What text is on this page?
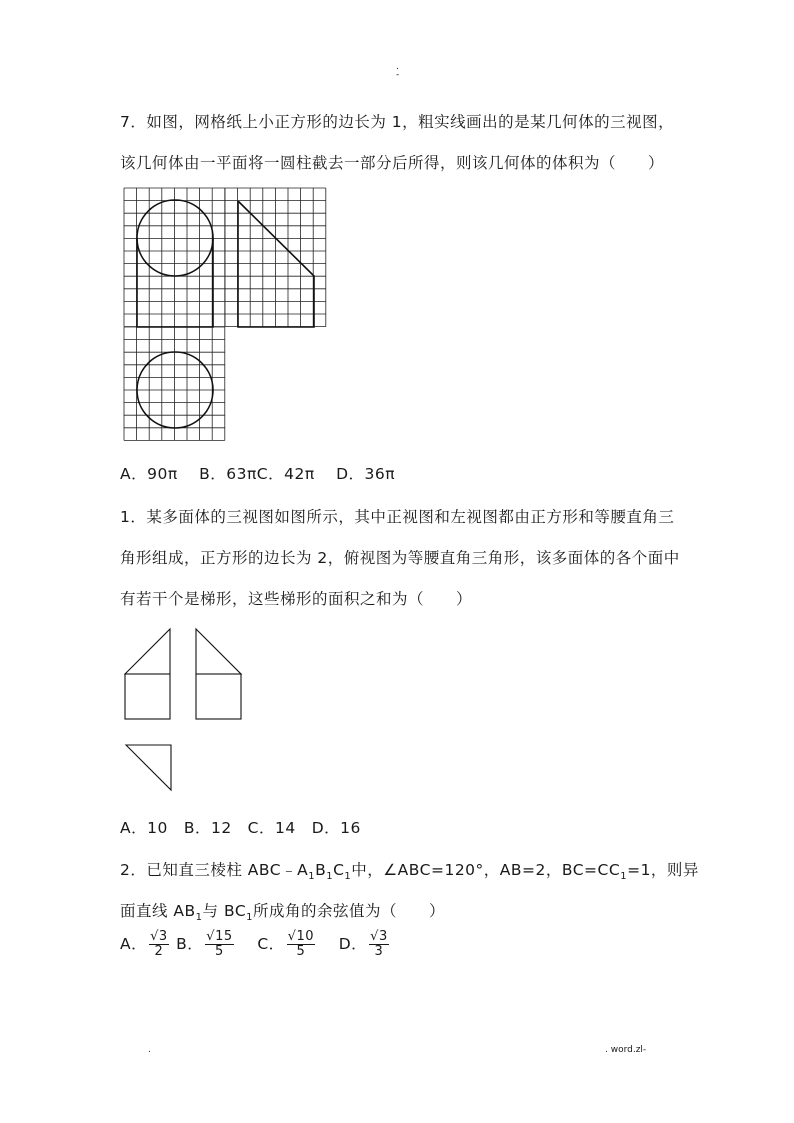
.
-
7．如图，网格纸上小正方形的边长为 1，粗实线画出的是某几何体的三视图，
该几何体由一平面将一圆柱截去一部分后所得，则该几何体的体积为（　　）
A．90π　 B．63πC．42π　 D．36π
1．某多面体的三视图如图所示，其中正视图和左视图都由正方形和等腰直角三
角形组成，正方形的边长为 2，俯视图为等腰直角三角形，该多面体的各个面中
有若干个是梯形，这些梯形的面积之和为（　　）
A．10　B．12　C．14　D．16
2．已知直三棱柱 $ABC﹣A_1B_1C_1$中，∠ABC=120°，AB=2，$BC=CC_1=1$，则异
面直线 $AB_1$与 $BC_1$所成角的余弦值为（　　）
A． $\frac{√3}{2}$ B． $\frac{√15}{5}$ C． $\frac{√10}{5}$ D． $\frac{√3}{3}$
.	. word.zl-
